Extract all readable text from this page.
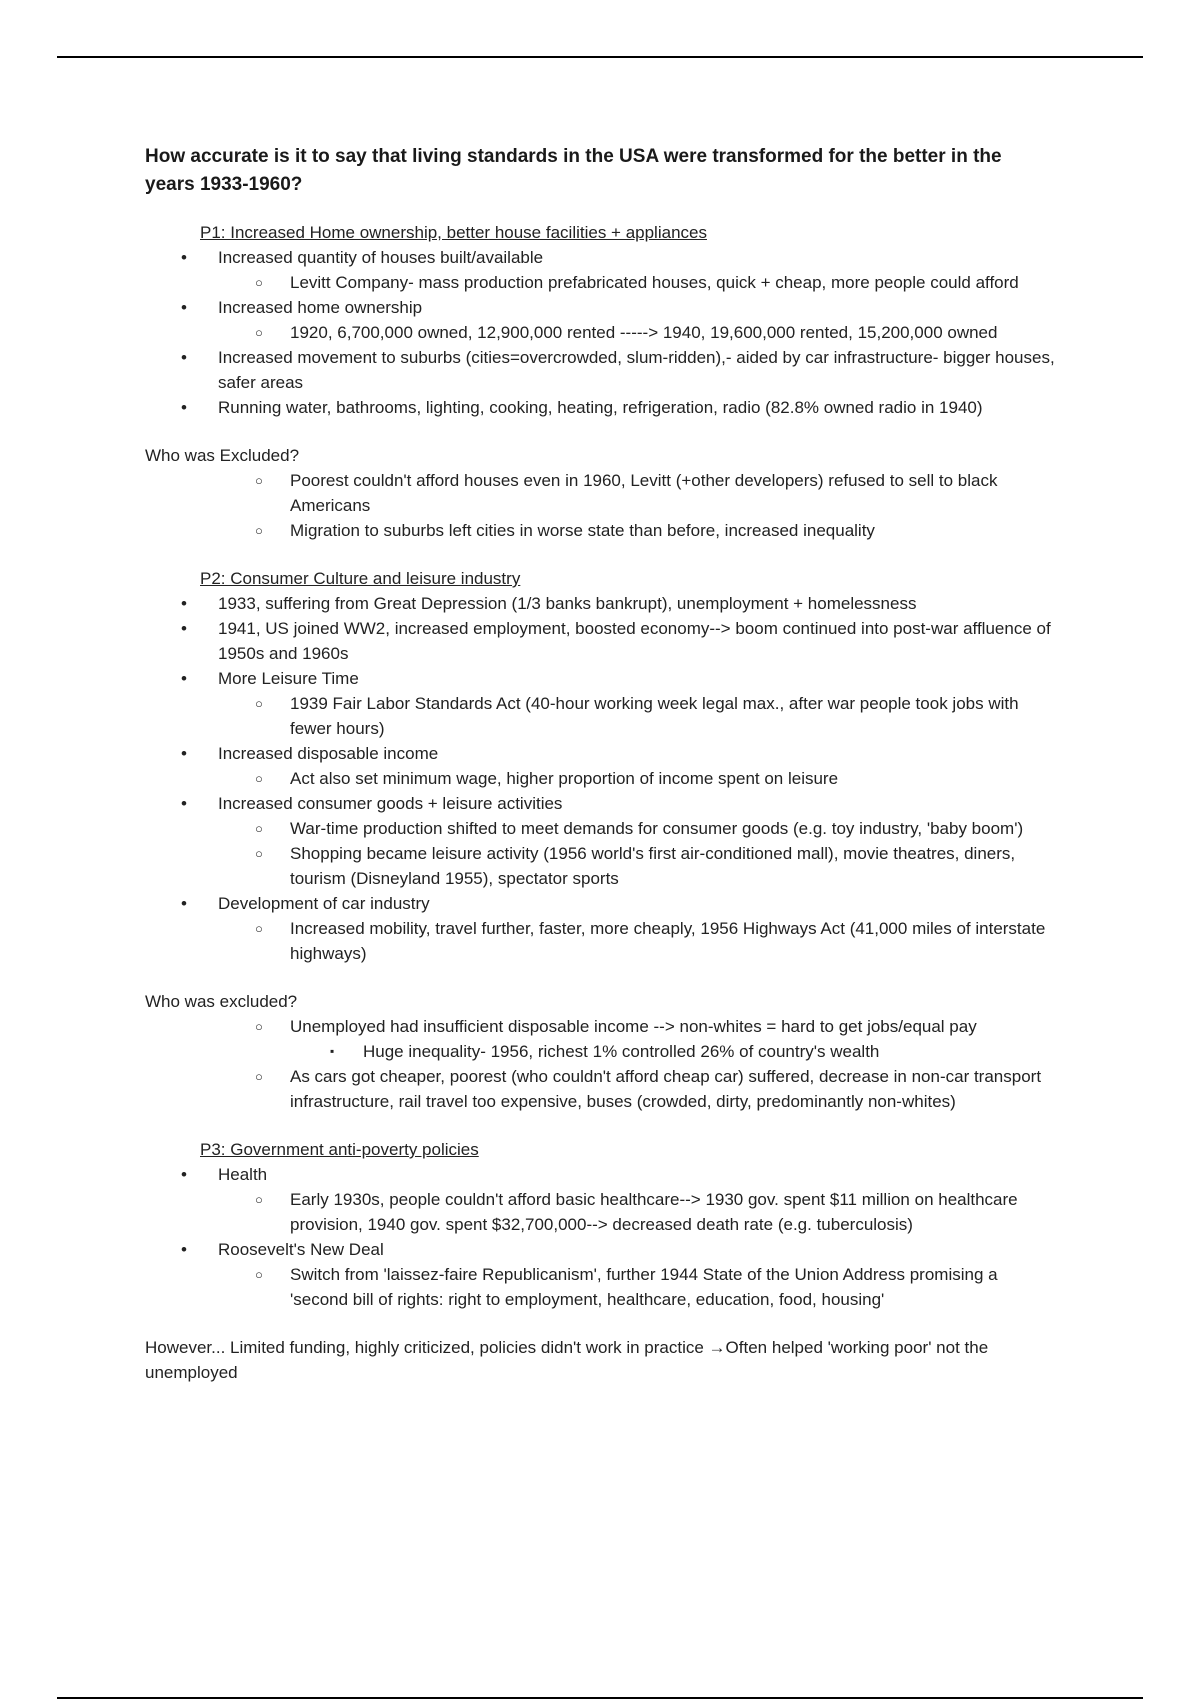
How accurate is it to say that living standards in the USA were transformed for the better in the years 1933-1960?
P1: Increased Home ownership, better house facilities + appliances
• Increased quantity of houses built/available
○ Levitt Company- mass production prefabricated houses, quick + cheap, more people could afford
• Increased home ownership
○ 1920, 6,700,000 owned, 12,900,000 rented -----> 1940, 19,600,000 rented, 15,200,000 owned
• Increased movement to suburbs (cities=overcrowded, slum-ridden),- aided by car infrastructure- bigger houses, safer areas
• Running water, bathrooms, lighting, cooking, heating, refrigeration, radio (82.8% owned radio in 1940)

Who was Excluded?

○ Poorest couldn't afford houses even in 1960, Levitt (+other developers) refused to sell to black Americans
○ Migration to suburbs left cities in worse state than before, increased inequality
P2: Consumer Culture and leisure industry
• 1933, suffering from Great Depression (1/3 banks bankrupt), unemployment + homelessness
• 1941, US joined WW2, increased employment, boosted economy--> boom continued into post-war affluence of 1950s and 1960s
• More Leisure Time
○ 1939 Fair Labor Standards Act (40-hour working week legal max., after war people took jobs with fewer hours)
• Increased disposable income
○ Act also set minimum wage, higher proportion of income spent on leisure
• Increased consumer goods + leisure activities
○ War-time production shifted to meet demands for consumer goods (e.g. toy industry, 'baby boom')
○ Shopping became leisure activity (1956 world's first air-conditioned mall), movie theatres, diners, tourism (Disneyland 1955), spectator sports
• Development of car industry
○ Increased mobility, travel further, faster, more cheaply, 1956 Highways Act (41,000 miles of interstate highways)

Who was excluded?

○ Unemployed had insufficient disposable income --> non-whites = hard to get jobs/equal pay
▪ Huge inequality- 1956, richest 1% controlled 26% of country's wealth
○ As cars got cheaper, poorest (who couldn't afford cheap car) suffered, decrease in non-car transport infrastructure, rail travel too expensive, buses (crowded, dirty, predominantly non-whites)
P3: Government anti-poverty policies
• Health
○ Early 1930s, people couldn't afford basic healthcare--> 1930 gov. spent $11 million on healthcare provision, 1940 gov. spent $32,700,000--> decreased death rate (e.g. tuberculosis)
• Roosevelt's New Deal
○ Switch from 'laissez-faire Republicanism', further 1944 State of the Union Address promising a 'second bill of rights: right to employment, healthcare, education, food, housing'

However... Limited funding, highly criticized, policies didn't work in practice →Often helped 'working poor' not the unemployed
